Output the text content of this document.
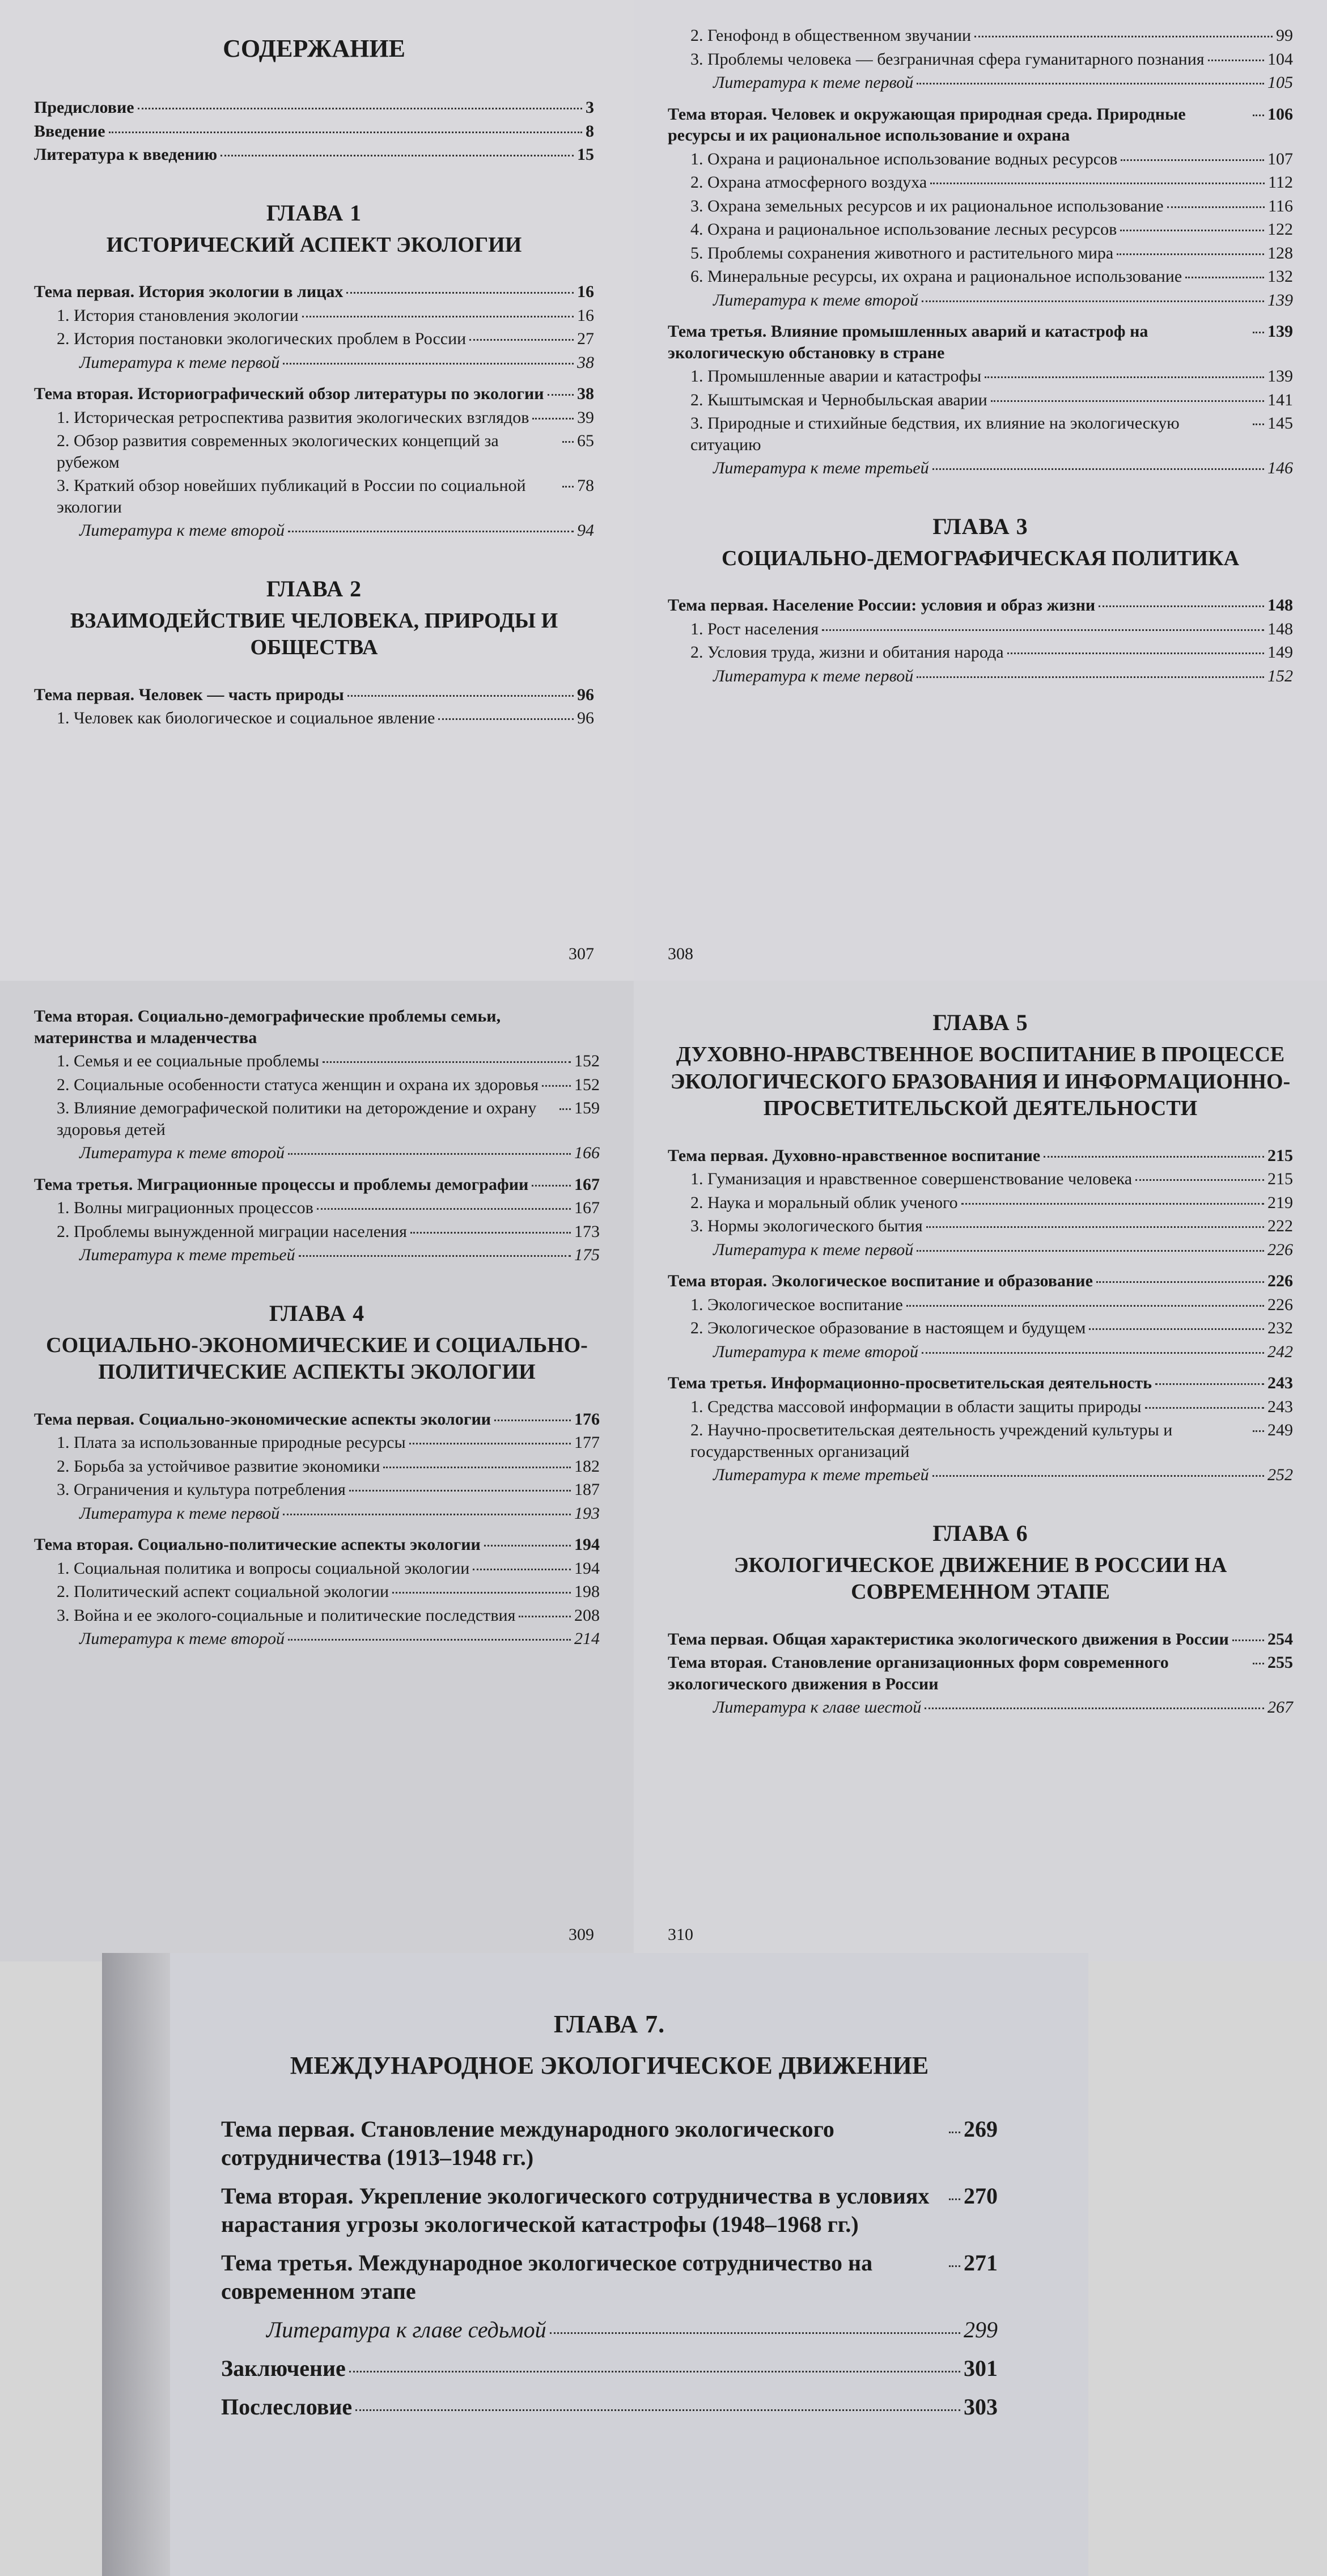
СОДЕРЖАНИЕ
Предисловие	3
Введение	8
Литература к введению	15
ГЛАВА 1
ИСТОРИЧЕСКИЙ АСПЕКТ ЭКОЛОГИИ
Тема первая. История экологии в лицах	16
1. История становления экологии	16
2. История постановки экологических проблем в России	27
Литература к теме первой	38
Тема вторая. Историографический обзор литературы по экологии 38
1. Историческая ретроспектива развития экологических взглядов	39
2. Обзор развития современных экологических концепций за рубежом
65
3. Краткий обзор новейших публикаций в России по социальной экологии
78
Литература к теме второй	94
ГЛАВА 2
ВЗАИМОДЕЙСТВИЕ ЧЕЛОВЕКА, ПРИРОДЫ И ОБЩЕСТВА
Тема первая. Человек — часть природы	96
1. Человек как биологическое и социальное явление	96
307
2. Генофонд в общественном звучании	99
3. Проблемы человека — безграничная сфера гуманитарного познания	104
Литература к теме первой	105
Тема вторая. Человек и окружающая природная среда. Природные ресурсы и их рациональное использование и охрана
106
1. Охрана и рациональное использование водных ресурсов	107
2. Охрана атмосферного воздуха	112
3. Охрана земельных ресурсов и их рациональное использование	116
4. Охрана и рациональное использование лесных ресурсов	122
5. Проблемы сохранения животного и растительного мира	128
6. Минеральные ресурсы, их охрана и рациональное использование	132
Литература к теме второй	139
Тема третья. Влияние промышленных аварий и катастроф на экологическую обстановку в стране
139
1. Промышленные аварии и катастрофы	139
2. Кыштымская и Чернобыльская аварии	141
3. Природные и стихийные бедствия, их влияние на экологическую ситуацию
145
Литература к теме третьей	146
ГЛАВА 3
СОЦИАЛЬНО-ДЕМОГРАФИЧЕСКАЯ ПОЛИТИКА
Тема первая. Население России: условия и образ жизни	148
1. Рост населения	148
2. Условия труда, жизни и обитания народа	149
Литература к теме первой	152
308
Тема вторая. Социально-демографические проблемы семьи, материнства и младенчества
1. Семья и ее социальные проблемы	152
2. Социальные особенности статуса женщин и охрана их здоровья 152
3. Влияние демографической политики на деторождение и охрану здоровья детей
159
Литература к теме второй	166
Тема третья. Миграционные процессы и проблемы демографии	167
1. Волны миграционных процессов	167
2. Проблемы вынужденной миграции населения	173
Литература к теме третьей	175
ГЛАВА 4
СОЦИАЛЬНО-ЭКОНОМИЧЕСКИЕ И СОЦИАЛЬНО-ПОЛИТИЧЕСКИЕ АСПЕКТЫ ЭКОЛОГИИ
Тема первая. Социально-экономические аспекты экологии	176
1. Плата за использованные природные ресурсы	177
2. Борьба за устойчивое развитие экономики	182
3. Ограничения и культура потребления	187
Литература к теме первой	193
Тема вторая. Социально-политические аспекты экологии	194
1. Социальная политика и вопросы социальной экологии	194
2. Политический аспект социальной экологии	198
3. Война и ее эколого-социальные и политические последствия	208
Литература к теме второй	214
309
ГЛАВА 5
ДУХОВНО-НРАВСТВЕННОЕ ВОСПИТАНИЕ В ПРОЦЕССЕ ЭКОЛОГИЧЕСКОГО БРАЗОВАНИЯ И ИНФОРМАЦИОННО-ПРОСВЕТИТЕЛЬСКОЙ ДЕЯТЕЛЬНОСТИ
Тема первая. Духовно-нравственное воспитание	215
1. Гуманизация и нравственное совершенствование человека	215
2. Наука и моральный облик ученого	219
3. Нормы экологического бытия	222
Литература к теме первой	226
Тема вторая. Экологическое воспитание и образование	226
1. Экологическое воспитание	226
2. Экологическое образование в настоящем и будущем	232
Литература к теме второй	242
Тема третья. Информационно-просветительская деятельность	243
1. Средства массовой информации в области защиты природы	243
2. Научно-просветительская деятельность учреждений культуры и государственных организаций
249
Литература к теме третьей	252
ГЛАВА 6
ЭКОЛОГИЧЕСКОЕ ДВИЖЕНИЕ В РОССИИ НА СОВРЕМЕННОМ ЭТАПЕ
Тема первая. Общая характеристика экологического движения в России 254
Тема вторая. Становление организационных форм современного экологического движения в России
255
Литература к главе шестой	267
310
ГЛАВА 7.
МЕЖДУНАРОДНОЕ ЭКОЛОГИЧЕСКОЕ ДВИЖЕНИЕ
Тема первая. Становление международного экологического сотрудничества (1913–1948 гг.)
269
Тема вторая. Укрепление экологического сотрудничества в условиях нарастания угрозы экологической катастрофы (1948–1968 гг.)
270
Тема третья. Международное экологическое сотрудничество на современном этапе
271
Литература к главе седьмой	299
Заключение	301
Послесловие	303
